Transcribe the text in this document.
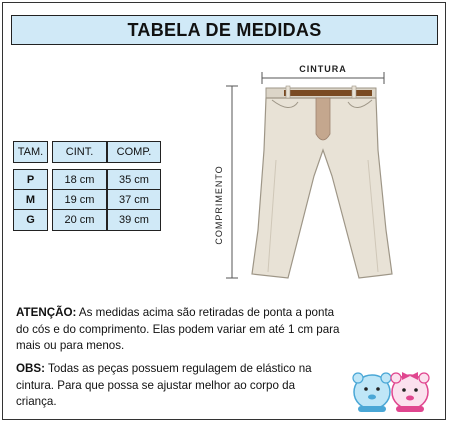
TABELA DE MEDIDAS
TAM.	CINT.	COMP.
P	18 cm	35 cm
M	19 cm	37 cm
G	20 cm	39 cm
CINTURA
COMPRIMENTO
ATENÇÃO: As medidas acima são retiradas de ponta a ponta do cós e do comprimento. Elas podem variar em até 1 cm para mais ou para menos.
OBS: Todas as peças possuem regulagem de elástico na cintura. Para que possa se ajustar melhor ao corpo da criança.
